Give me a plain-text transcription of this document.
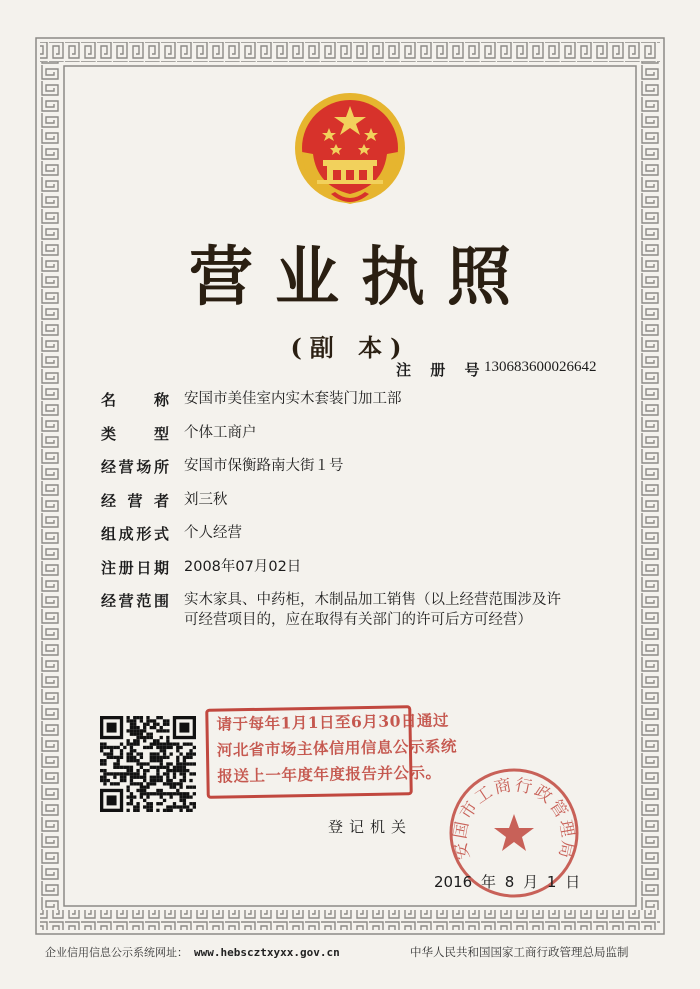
营业执照
(副 本)
注 册 号
130683600026642
名 称 安国市美佳室内实木套装门加工部
类 型 个体工商户
经营场所 安国市保衡路南大街１号
经 营 者 刘三秋
组成形式 个人经营
注册日期 2008年07月02日
经营范围 实木家具、中药柜，木制品加工销售（以上经营范围涉及许可经营项目的，应在取得有关部门的许可后方可经营）
请于每年1月1日至6月30日通过
河北省市场主体信用信息公示系统
报送上一年度年度报告并公示。
登记机关
安国市工商行政管理局
2016 年 8 月 1 日
企业信用信息公示系统网址： www.hebscztxyxx.gov.cn	中华人民共和国国家工商行政管理总局监制
